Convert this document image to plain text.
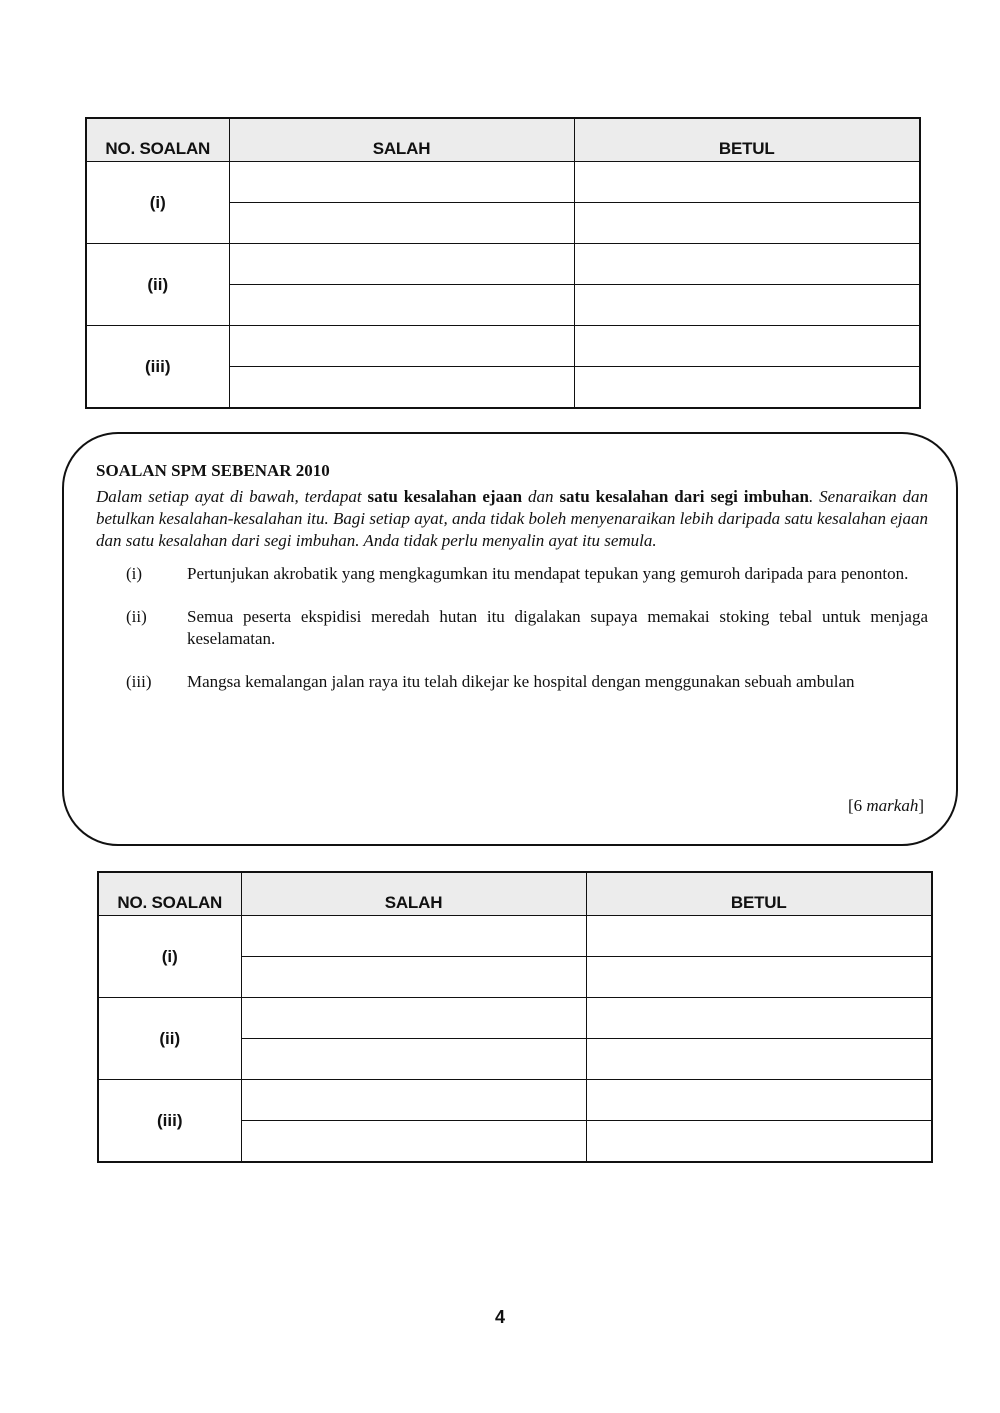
NO. SOALAN	SALAH	BETUL
(i)		

(ii)		

(iii)		

SOALAN SPM SEBENAR 2010

Dalam setiap ayat di bawah, terdapat satu kesalahan ejaan dan satu kesalahan dari segi imbuhan. Senaraikan dan betulkan kesalahan-kesalahan itu. Bagi setiap ayat, anda tidak boleh menyenaraikan lebih daripada satu kesalahan ejaan dan satu kesalahan dari segi imbuhan. Anda tidak perlu menyalin ayat itu semula.

(i)	Pertunjukan akrobatik yang mengkagumkan itu mendapat tepukan yang gemuroh daripada para penonton.
(ii) Semua peserta ekspidisi meredah hutan itu digalakan supaya memakai stoking tebal untuk menjaga keselamatan.
(iii) Mangsa kemalangan jalan raya itu telah dikejar ke hospital dengan menggunakan sebuah ambulan
[6 markah]
NO. SOALAN	SALAH	BETUL
(i)		

(ii)		

(iii)		

4
